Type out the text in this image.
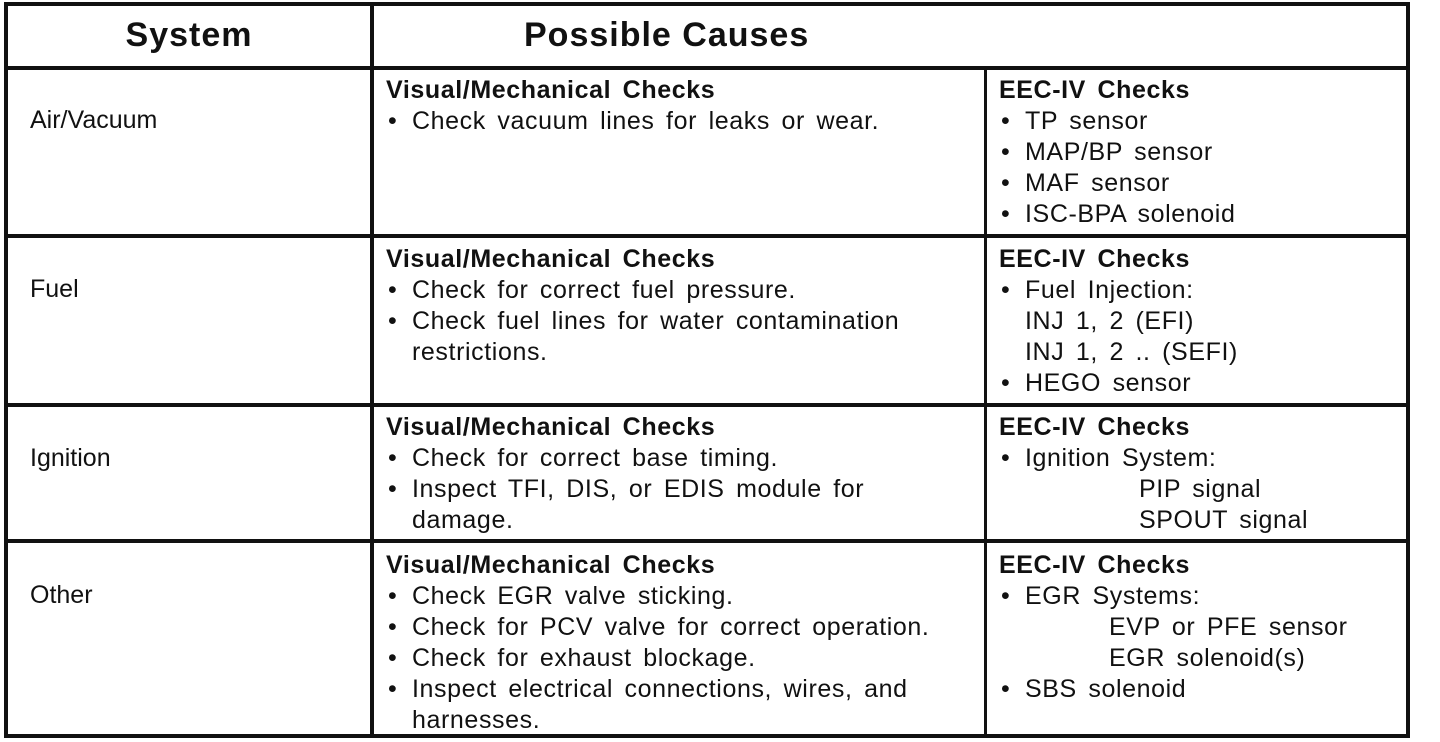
System	Possible Causes
Air/Vacuum
Visual/Mechanical Checks
• Check vacuum lines for leaks or wear.
EEC-IV Checks
• TP sensor
• MAP/BP sensor
• MAF sensor
• ISC-BPA solenoid
Fuel
Visual/Mechanical Checks
• Check for correct fuel pressure.
• Check fuel lines for water contamination
restrictions.
EEC-IV Checks
• Fuel Injection:
INJ 1, 2 (EFI)
INJ 1, 2 .. (SEFI)
• HEGO sensor
Ignition
Visual/Mechanical Checks
• Check for correct base timing.
• Inspect TFI, DIS, or EDIS module for
damage.
EEC-IV Checks
• Ignition System:
PIP signal
SPOUT signal
Other
Visual/Mechanical Checks
• Check EGR valve sticking.
• Check for PCV valve for correct operation.
• Check for exhaust blockage.
• Inspect electrical connections, wires, and
harnesses.
EEC-IV Checks
• EGR Systems:
EVP or PFE sensor
EGR solenoid(s)
• SBS solenoid
